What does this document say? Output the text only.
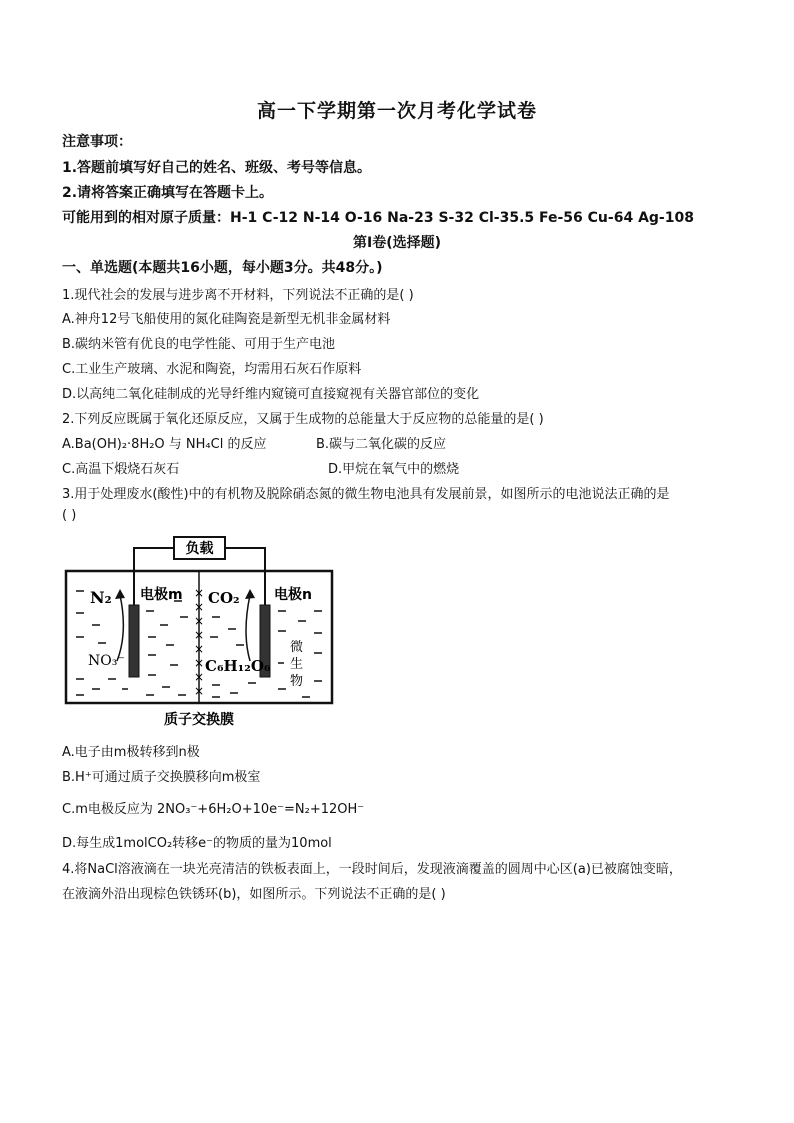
高一下学期第一次月考化学试卷
注意事项：
1.答题前填写好自己的姓名、班级、考号等信息。
2.请将答案正确填写在答题卡上。
可能用到的相对原子质量：H-1 C-12 N-14 O-16 Na-23 S-32 Cl-35.5 Fe-56 Cu-64 Ag-108
第Ⅰ卷(选择题)
一、单选题(本题共16小题，每小题3分。共48分。)
1.现代社会的发展与进步离不开材料，下列说法不正确的是( )
A.神舟12号飞船使用的氮化硅陶瓷是新型无机非金属材料
B.碳纳米管有优良的电学性能、可用于生产电池
C.工业生产玻璃、水泥和陶瓷，均需用石灰石作原料
D.以高纯二氧化硅制成的光导纤维内窥镜可直接窥视有关器官部位的变化
2.下列反应既属于氧化还原反应，又属于生成物的总能量大于反应物的总能量的是( )
A.Ba(OH)₂·8H₂O 与 NH₄Cl 的反应	B.碳与二氧化碳的反应
C.高温下煅烧石灰石	D.甲烷在氧气中的燃烧
3.用于处理废水(酸性)中的有机物及脱除硝态氮的微生物电池具有发展前景，如图所示的电池说法正确的是
( )
负载
×
×
×
×
×
×
×
×
电极m	电极n
N₂
NO₃⁻
CO₂
C₆H₁₂O₆
微
生
物
质子交换膜
A.电子由m极转移到n极
B.H⁺可通过质子交换膜移向m极室
C.m电极反应为 2NO₃⁻+6H₂O+10e⁻=N₂+12OH⁻
D.每生成1molCO₂转移e⁻的物质的量为10mol
4.将NaCl溶液滴在一块光亮清洁的铁板表面上，一段时间后，发现液滴覆盖的圆周中心区(a)已被腐蚀变暗，
在液滴外沿出现棕色铁锈环(b)，如图所示。下列说法不正确的是( )
